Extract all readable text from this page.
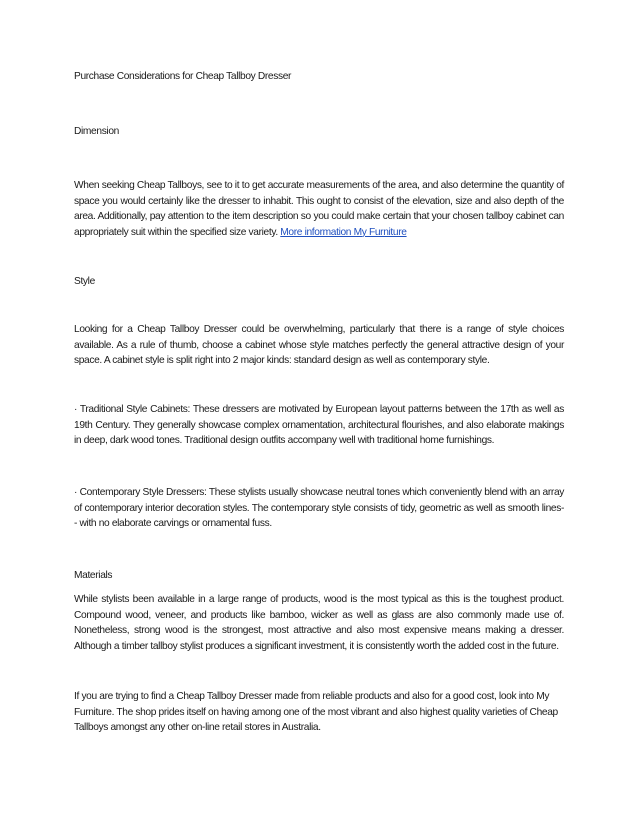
Purchase Considerations for Cheap Tallboy Dresser

Dimension

When seeking Cheap Tallboys, see to it to get accurate measurements of the area, and also determine the quantity of space you would certainly like the dresser to inhabit. This ought to consist of the elevation, size and also depth of the area. Additionally, pay attention to the item description so you could make certain that your chosen tallboy cabinet can appropriately suit within the specified size variety. More information My Furniture

Style

Looking for a Cheap Tallboy Dresser could be overwhelming, particularly that there is a range of style choices available. As a rule of thumb, choose a cabinet whose style matches perfectly the general attractive design of your space. A cabinet style is split right into 2 major kinds: standard design as well as contemporary style.

· Traditional Style Cabinets: These dressers are motivated by European layout patterns between the 17th as well as 19th Century. They generally showcase complex ornamentation, architectural flourishes, and also elaborate makings in deep, dark wood tones. Traditional design outfits accompany well with traditional home furnishings.

· Contemporary Style Dressers: These stylists usually showcase neutral tones which conveniently blend with an array of contemporary interior decoration styles. The contemporary style consists of tidy, geometric as well as smooth lines-- with no elaborate carvings or ornamental fuss.

Materials

While stylists been available in a large range of products, wood is the most typical as this is the toughest product. Compound wood, veneer, and products like bamboo, wicker as well as glass are also commonly made use of. Nonetheless, strong wood is the strongest, most attractive and also most expensive means making a dresser. Although a timber tallboy stylist produces a significant investment, it is consistently worth the added cost in the future.

If you are trying to find a Cheap Tallboy Dresser made from reliable products and also for a good cost, look into My Furniture. The shop prides itself on having among one of the most vibrant and also highest quality varieties of Cheap Tallboys amongst any other on-line retail stores in Australia.
